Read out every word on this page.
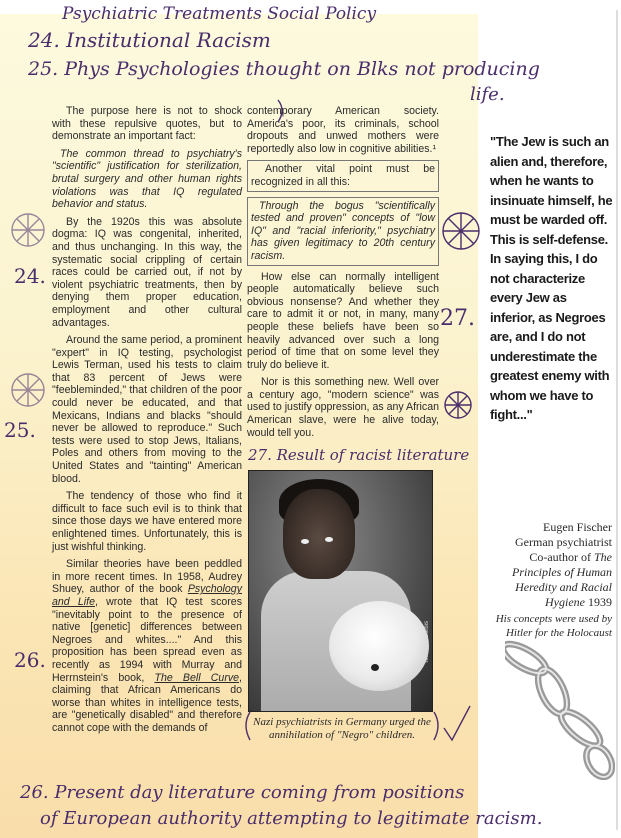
Psychiatric Treatments Social Policy
24. Institutional Racism
25. Phys Psychologies thought on Blks not producing
life.

The purpose here is not to shock with these repulsive quotes, but to demonstrate an important fact:

The common thread to psychiatry's "scientific" justification for sterilization, brutal surgery and other human rights violations was that IQ regulated behavior and status.

By the 1920s this was absolute dogma: IQ was congenital, inherited, and thus unchanging. In this way, the systematic social crippling of certain races could be carried out, if not by violent psychiatric treatments, then by denying them proper education, employment and other cultural advantages.

Around the same period, a prominent "expert" in IQ testing, psychologist Lewis Terman, used his tests to claim that 83 percent of Jews were "feebleminded," that children of the poor could never be educated, and that Mexicans, Indians and blacks "should never be allowed to reproduce." Such tests were used to stop Jews, Italians, Poles and others from moving to the United States and "tainting" American blood.

The tendency of those who find it difficult to face such evil is to think that since those days we have entered more enlightened times. Unfortunately, this is just wishful thinking.

Similar theories have been peddled in more recent times. In 1958, Audrey Shuey, author of the book Psychology and Life, wrote that IQ test scores "inevitably point to the presence of native [genetic] differences between Negroes and whites...." And this proposition has been spread even as recently as 1994 with Murray and Herrnstein's book, The Bell Curve, claiming that African Americans do worse than whites in intelligence tests, are "genetically disabled" and therefore cannot cope with the demands of

contemporary American society. America's poor, its criminals, school dropouts and unwed mothers were reportedly also low in cognitive abilities.¹

Another vital point must be recognized in all this:

Through the bogus "scientifically tested and proven" concepts of "low IQ" and "racial inferiority," psychiatry has given legitimacy to 20th century racism.

How else can normally intelligent people automatically believe such obvious nonsense? And whether they care to admit it or not, in many, many people these beliefs have been so heavily advanced over such a long period of time that on some level they truly do believe it.

Nor is this something new. Well over a century ago, "modern science" was used to justify oppression, as any African American slave, were he alive today, would tell you.

"The Jew is such an alien and, therefore, when he wants to insinuate himself, he must be warded off. This is self-defense. In saying this, I do not characterize every Jew as inferior, as Negroes are, and I do not underestimate the greatest enemy with whom we have to fight..."
Eugen Fischer
German psychiatrist
Co-author of The Principles of Human Heredity and Racial Hygiene 1939
His concepts were used by Hitler for the Holocaust
Tom Grill/Corbis
Nazi psychiatrists in Germany urged the annihilation of "Negro" children.
24.
25.
26.
27.
27. Result of racist literature
26. Present day literature coming from positions
of European authority attempting to legitimate racism.
